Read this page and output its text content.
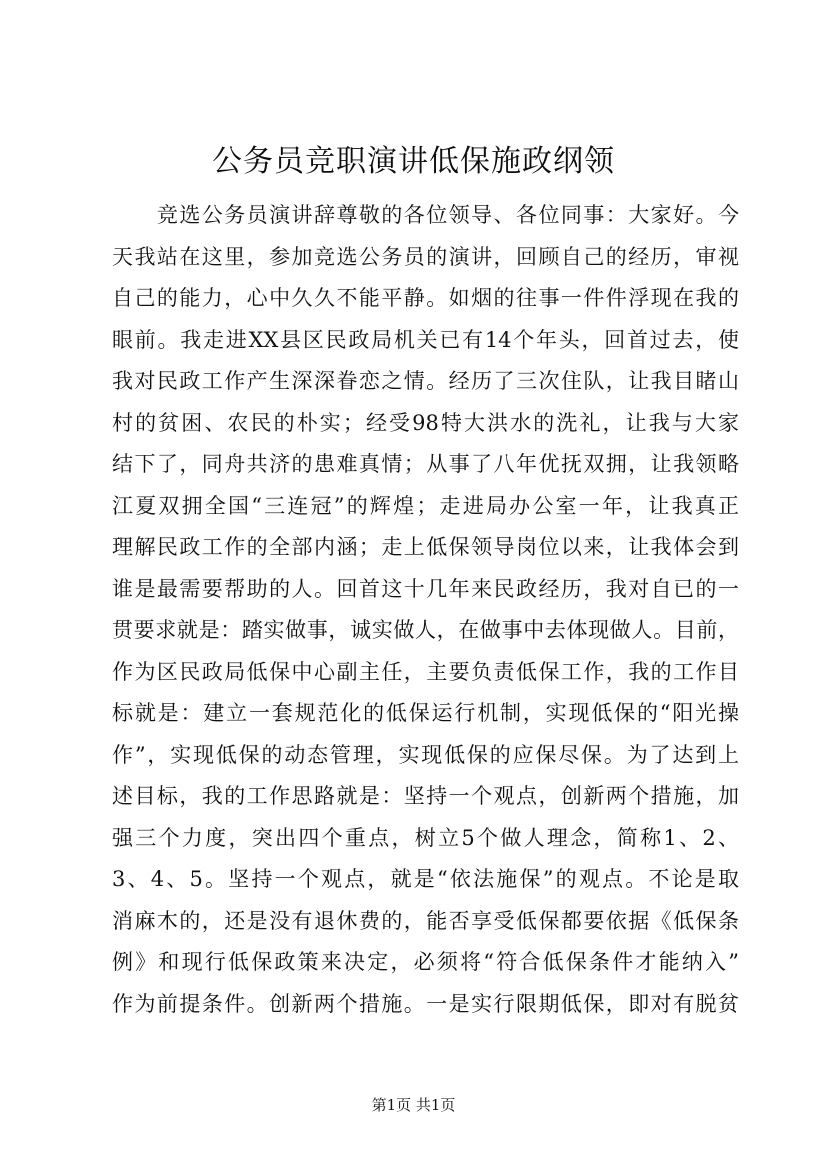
公务员竞职演讲低保施政纲领
　　竞选公务员演讲辞尊敬的各位领导、各位同事：大家好。今
天我站在这里，参加竞选公务员的演讲，回顾自己的经历，审视
自己的能力，心中久久不能平静。如烟的往事一件件浮现在我的
眼前。我走进XX县区民政局机关已有14个年头，回首过去，使
我对民政工作产生深深眷恋之情。经历了三次住队，让我目睹山
村的贫困、农民的朴实；经受98特大洪水的洗礼，让我与大家
结下了，同舟共济的患难真情；从事了八年优抚双拥，让我领略
江夏双拥全国“三连冠”的辉煌；走进局办公室一年，让我真正
理解民政工作的全部内涵；走上低保领导岗位以来，让我体会到
谁是最需要帮助的人。回首这十几年来民政经历，我对自已的一
贯要求就是：踏实做事，诚实做人，在做事中去体现做人。目前，
作为区民政局低保中心副主任，主要负责低保工作，我的工作目
标就是：建立一套规范化的低保运行机制，实现低保的“阳光操
作”，实现低保的动态管理，实现低保的应保尽保。为了达到上
述目标，我的工作思路就是：坚持一个观点，创新两个措施，加
强三个力度，突出四个重点，树立5个做人理念，简称1、2、
3、4、5。坚持一个观点，就是“依法施保”的观点。不论是取
消麻木的，还是没有退休费的，能否享受低保都要依据《低保条
例》和现行低保政策来决定，必须将“符合低保条件才能纳入”
作为前提条件。创新两个措施。一是实行限期低保，即对有脱贫
第1页 共1页
